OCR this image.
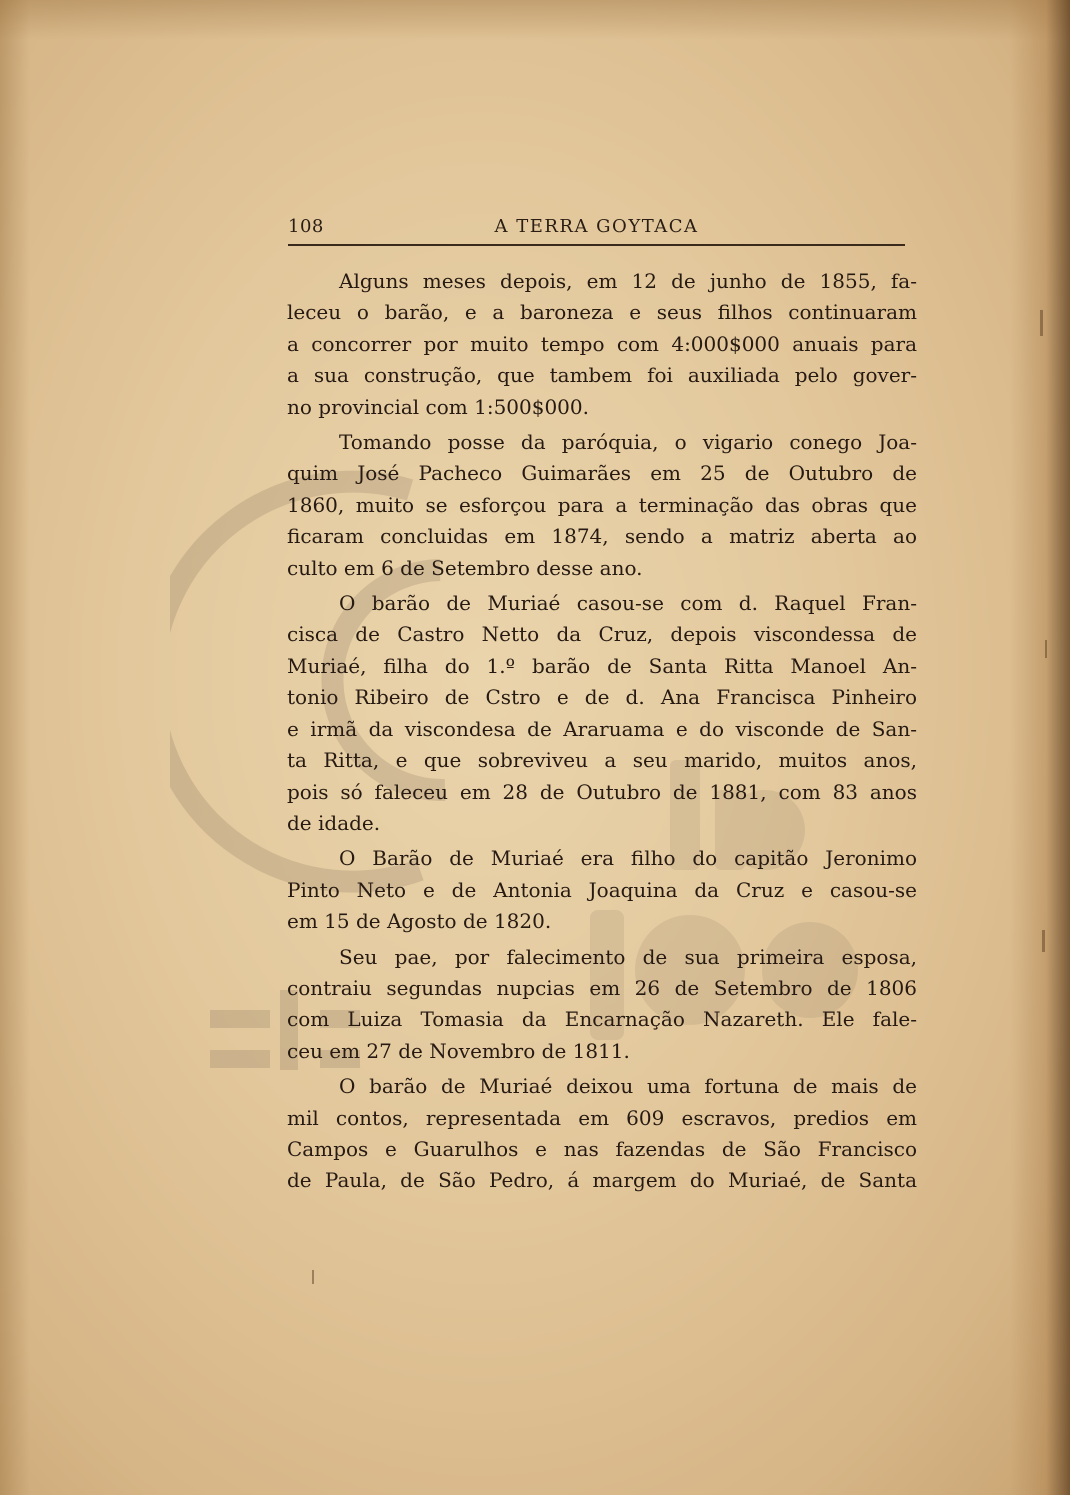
108	A TERRA GOYTACA
Alguns meses depois, em 12 de junho de 1855, fa-
leceu o barão, e a baroneza e seus filhos continuaram
a concorrer por muito tempo com 4:000$000 anuais para
a sua construção, que tambem foi auxiliada pelo gover-
no provincial com 1:500$000.
Tomando posse da paróquia, o vigario conego Joa-
quim José Pacheco Guimarães em 25 de Outubro de
1860, muito se esforçou para a terminação das obras que
ficaram concluidas em 1874, sendo a matriz aberta ao
culto em 6 de Setembro desse ano.
O barão de Muriaé casou-se com d. Raquel Fran-
cisca de Castro Netto da Cruz, depois viscondessa de
Muriaé, filha do 1.º barão de Santa Ritta Manoel An-
tonio Ribeiro de Cstro e de d. Ana Francisca Pinheiro
e irmã da viscondesa de Araruama e do visconde de San-
ta Ritta, e que sobreviveu a seu marido, muitos anos,
pois só faleceu em 28 de Outubro de 1881, com 83 anos
de idade.
O Barão de Muriaé era filho do capitão Jeronimo
Pinto Neto e de Antonia Joaquina da Cruz e casou-se
em 15 de Agosto de 1820.
Seu pae, por falecimento de sua primeira esposa,
contraiu segundas nupcias em 26 de Setembro de 1806
com Luiza Tomasia da Encarnação Nazareth. Ele fale-
ceu em 27 de Novembro de 1811.
O barão de Muriaé deixou uma fortuna de mais de
mil contos, representada em 609 escravos, predios em
Campos e Guarulhos e nas fazendas de São Francisco
de Paula, de São Pedro, á margem do Muriaé, de Santa
